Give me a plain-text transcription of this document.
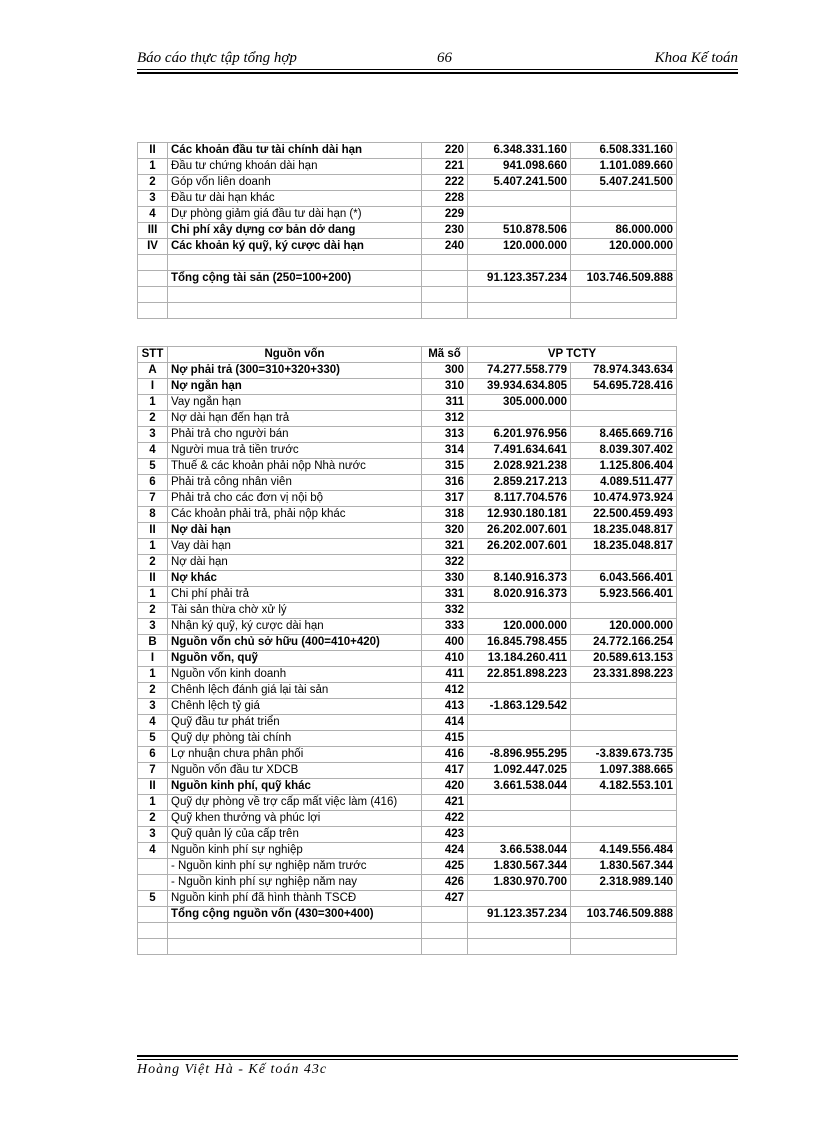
Báo cáo thực tập tổng hợp	66	Khoa Kế toán
II	Các khoản đầu tư tài chính dài hạn	220	6.348.331.160	6.508.331.160
1	Đầu tư chứng khoán dài hạn	221	941.098.660	1.101.089.660
2	Góp vốn liên doanh	222	5.407.241.500	5.407.241.500
3	Đầu tư dài hạn khác	228		
4	Dự phòng giảm giá đầu tư dài hạn (*)	229		
III	Chi phí xây dựng cơ bản dở dang	230	510.878.506	86.000.000
IV	Các khoản ký quỹ, ký cược dài hạn	240	120.000.000	120.000.000

	Tổng cộng tài sản (250=100+200)		91.123.357.234	103.746.509.888

STT	Nguồn vốn	Mã số	VP TCTY	
A	Nợ phải trả (300=310+320+330)	300	74.277.558.779	78.974.343.634
I	Nợ ngắn hạn	310	39.934.634.805	54.695.728.416
1	Vay ngắn hạn	311	305.000.000	
2	Nợ dài hạn đến hạn trả	312		
3	Phải trả cho người bán	313	6.201.976.956	8.465.669.716
4	Người mua trả tiền trước	314	7.491.634.641	8.039.307.402
5	Thuế & các khoản phải nộp Nhà nước	315	2.028.921.238	1.125.806.404
6	Phải trả công nhân viên	316	2.859.217.213	4.089.511.477
7	Phải trả cho các đơn vị nội bộ	317	8.117.704.576	10.474.973.924
8	Các khoản phải trả, phải nộp khác	318	12.930.180.181	22.500.459.493
II	Nợ dài hạn	320	26.202.007.601	18.235.048.817
1	Vay dài hạn	321	26.202.007.601	18.235.048.817
2	Nợ dài hạn	322		
II	Nợ khác	330	8.140.916.373	6.043.566.401
1	Chi phí phải trả	331	8.020.916.373	5.923.566.401
2	Tài sản thừa chờ xử lý	332		
3	Nhận ký quỹ, ký cược dài hạn	333	120.000.000	120.000.000
B	Nguồn vốn chủ sở hữu (400=410+420)	400	16.845.798.455	24.772.166.254
I	Nguồn vốn, quỹ	410	13.184.260.411	20.589.613.153
1	Nguồn vốn kinh doanh	411	22.851.898.223	23.331.898.223
2	Chênh lệch đánh giá lại tài sản	412		
3	Chênh lệch tỷ giá	413	-1.863.129.542	
4	Quỹ đầu tư phát triển	414		
5	Quỹ dự phòng tài chính	415		
6	Lợ nhuận chưa phân phối	416	-8.896.955.295	-3.839.673.735
7	Nguồn vốn đầu tư XDCB	417	1.092.447.025	1.097.388.665
II	Nguồn kinh phí, quỹ khác	420	3.661.538.044	4.182.553.101
1	Quỹ dự phòng về trợ cấp mất việc làm (416)	421		
2	Quỹ khen thưởng và phúc lợi	422		
3	Quỹ quản lý của cấp trên	423		
4	Nguồn kinh phí sự nghiệp	424	3.66.538.044	4.149.556.484
	- Nguồn kinh phí sự nghiệp năm trước	425	1.830.567.344	1.830.567.344
	- Nguồn kinh phí sự nghiệp năm nay	426	1.830.970.700	2.318.989.140
5	Nguồn kinh phí đã hình thành TSCĐ	427		
	Tổng cộng nguồn vốn (430=300+400)		91.123.357.234	103.746.509.888

Hoàng Việt Hà - Kế toán 43c
